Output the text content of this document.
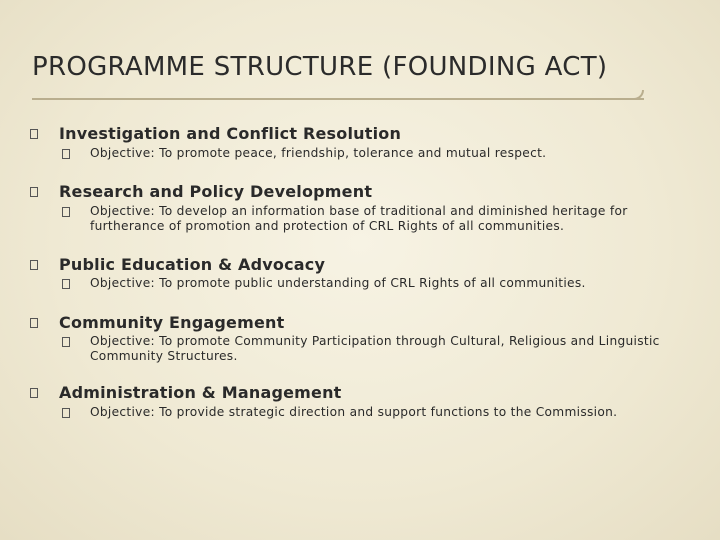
PROGRAMME STRUCTURE (FOUNDING ACT)
Investigation and Conflict Resolution
Objective: To promote peace, friendship, tolerance and mutual respect.
Research and Policy Development
Objective: To develop an information base of traditional and diminished heritage for furtherance of promotion and protection of CRL Rights of all communities.
Public Education & Advocacy
Objective: To promote public understanding of CRL Rights of all communities.
Community Engagement
Objective: To promote Community Participation through Cultural, Religious and Linguistic Community Structures.
Administration & Management
Objective: To provide strategic direction and support functions to the Commission.
